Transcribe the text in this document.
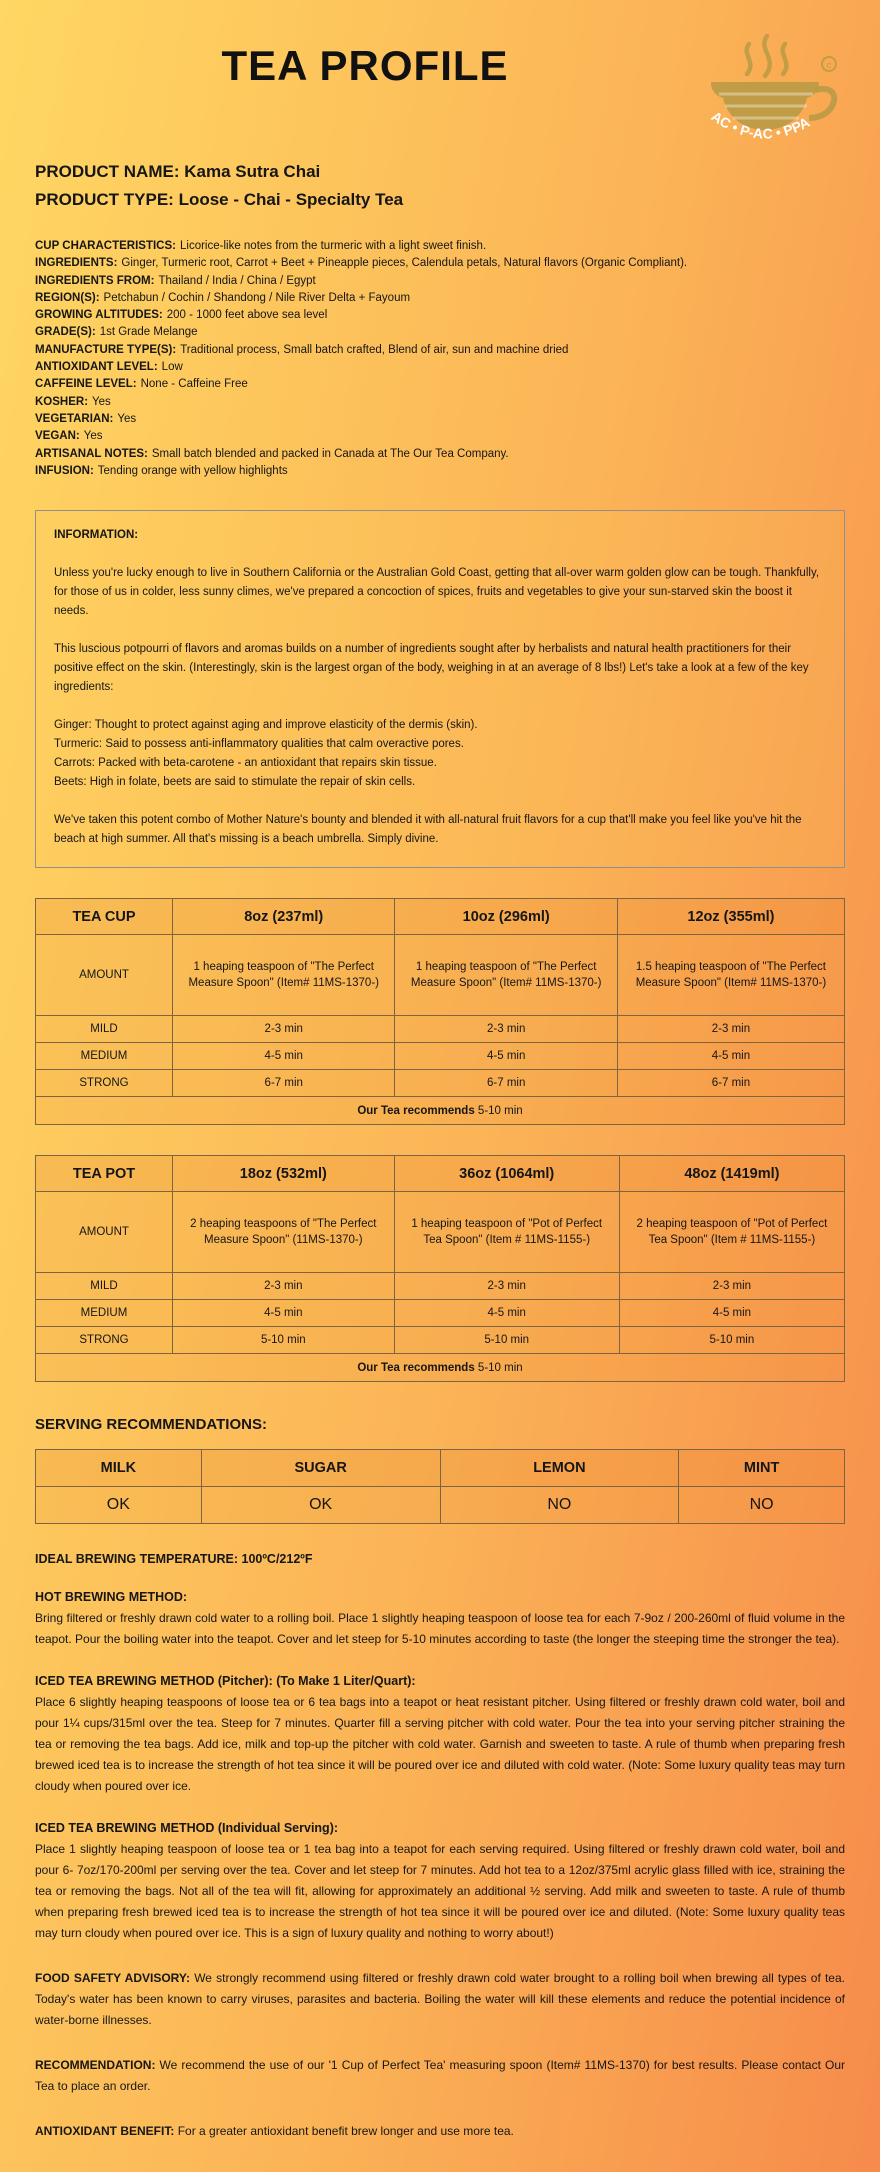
TEA PROFILE	c
AC • P-AC • PPA
PRODUCT NAME: Kama Sutra Chai
PRODUCT TYPE: Loose - Chai - Specialty Tea
CUP CHARACTERISTICS: Licorice-like notes from the turmeric with a light sweet finish.
INGREDIENTS: Ginger, Turmeric root, Carrot + Beet + Pineapple pieces, Calendula petals, Natural flavors (Organic Compliant).
INGREDIENTS FROM: Thailand / India / China / Egypt
REGION(S): Petchabun / Cochin / Shandong / Nile River Delta + Fayoum
GROWING ALTITUDES: 200 - 1000 feet above sea level
GRADE(S): 1st Grade Melange
MANUFACTURE TYPE(S): Traditional process, Small batch crafted, Blend of air, sun and machine dried
ANTIOXIDANT LEVEL: Low
CAFFEINE LEVEL: None - Caffeine Free
KOSHER: Yes
VEGETARIAN: Yes
VEGAN: Yes
ARTISANAL NOTES: Small batch blended and packed in Canada at The Our Tea Company.
INFUSION: Tending orange with yellow highlights

INFORMATION:

Unless you're lucky enough to live in Southern California or the Australian Gold Coast, getting that all-over warm golden glow can be tough. Thankfully, for those of us in colder, less sunny climes, we've prepared a concoction of spices, fruits and vegetables to give your sun-starved skin the boost it needs.

This luscious potpourri of flavors and aromas builds on a number of ingredients sought after by herbalists and natural health practitioners for their positive effect on the skin. (Interestingly, skin is the largest organ of the body, weighing in at an average of 8 lbs!) Let's take a look at a few of the key ingredients:

Ginger: Thought to protect against aging and improve elasticity of the dermis (skin).
Turmeric: Said to possess anti-inflammatory qualities that calm overactive pores.
Carrots: Packed with beta-carotene - an antioxidant that repairs skin tissue.
Beets: High in folate, beets are said to stimulate the repair of skin cells.

We've taken this potent combo of Mother Nature's bounty and blended it with all-natural fruit flavors for a cup that'll make you feel like you've hit the beach at high summer. All that's missing is a beach umbrella. Simply divine.

TEA CUP	8oz (237ml)	10oz (296ml)	12oz (355ml)
AMOUNT	1 heaping teaspoon of "The Perfect Measure Spoon" (Item# 11MS-1370-)	1 heaping teaspoon of "The Perfect Measure Spoon" (Item# 11MS-1370-)	1.5 heaping teaspoon of "The Perfect Measure Spoon" (Item# 11MS-1370-)
MILD	2-3 min	2-3 min	2-3 min
MEDIUM	4-5 min	4-5 min	4-5 min
STRONG	6-7 min	6-7 min	6-7 min
Our Tea recommends 5-10 min			
TEA POT	18oz (532ml)	36oz (1064ml)	48oz (1419ml)
AMOUNT	2 heaping teaspoons of "The Perfect Measure Spoon" (11MS-1370-)	1 heaping teaspoon of "Pot of Perfect Tea Spoon" (Item # 11MS-1155-)	2 heaping teaspoon of "Pot of Perfect Tea Spoon" (Item # 11MS-1155-)
MILD	2-3 min	2-3 min	2-3 min
MEDIUM	4-5 min	4-5 min	4-5 min
STRONG	5-10 min	5-10 min	5-10 min
Our Tea recommends 5-10 min			
SERVING RECOMMENDATIONS:
MILK	SUGAR	LEMON	MINT
OK	OK	NO	NO
IDEAL BREWING TEMPERATURE: 100ºC/212ºF
HOT BREWING METHOD:

Bring filtered or freshly drawn cold water to a rolling boil. Place 1 slightly heaping teaspoon of loose tea for each 7-9oz / 200-260ml of fluid volume in the teapot. Pour the boiling water into the teapot. Cover and let steep for 5-10 minutes according to taste (the longer the steeping time the stronger the tea).

ICED TEA BREWING METHOD (Pitcher): (To Make 1 Liter/Quart):

Place 6 slightly heaping teaspoons of loose tea or 6 tea bags into a teapot or heat resistant pitcher. Using filtered or freshly drawn cold water, boil and pour 1¼ cups/315ml over the tea. Steep for 7 minutes. Quarter fill a serving pitcher with cold water. Pour the tea into your serving pitcher straining the tea or removing the tea bags. Add ice, milk and top-up the pitcher with cold water. Garnish and sweeten to taste. A rule of thumb when preparing fresh brewed iced tea is to increase the strength of hot tea since it will be poured over ice and diluted with cold water. (Note: Some luxury quality teas may turn cloudy when poured over ice.

ICED TEA BREWING METHOD (Individual Serving):

Place 1 slightly heaping teaspoon of loose tea or 1 tea bag into a teapot for each serving required. Using filtered or freshly drawn cold water, boil and pour 6- 7oz/170-200ml per serving over the tea. Cover and let steep for 7 minutes. Add hot tea to a 12oz/375ml acrylic glass filled with ice, straining the tea or removing the bags. Not all of the tea will fit, allowing for approximately an additional ½ serving. Add milk and sweeten to taste. A rule of thumb when preparing fresh brewed iced tea is to increase the strength of hot tea since it will be poured over ice and diluted. (Note: Some luxury quality teas may turn cloudy when poured over ice. This is a sign of luxury quality and nothing to worry about!)

FOOD SAFETY ADVISORY: We strongly recommend using filtered or freshly drawn cold water brought to a rolling boil when brewing all types of tea. Today's water has been known to carry viruses, parasites and bacteria. Boiling the water will kill these elements and reduce the potential incidence of water-borne illnesses.

RECOMMENDATION: We recommend the use of our '1 Cup of Perfect Tea' measuring spoon (Item# 11MS-1370) for best results. Please contact Our Tea to place an order.

ANTIOXIDANT BENEFIT: For a greater antioxidant benefit brew longer and use more tea.
